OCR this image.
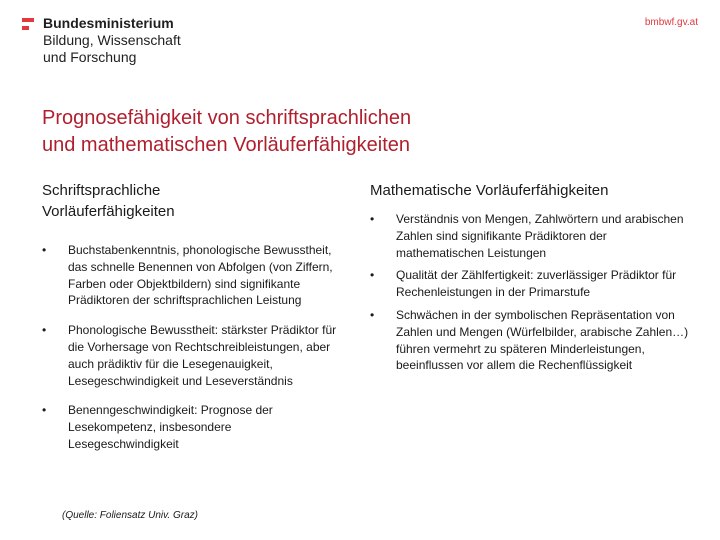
Bundesministerium
Bildung, Wissenschaft
und Forschung
bmbwf.gv.at
Prognosefähigkeit von schriftsprachlichen
und mathematischen Vorläuferfähigkeiten
Schriftsprachliche
Vorläuferfähigkeiten
• Buchstabenkenntnis, phonologische Bewusstheit, das schnelle Benennen von Abfolgen (von Ziffern, Farben oder Objektbildern) sind signifikante Prädiktoren der schriftsprachlichen Leistung
• Phonologische Bewusstheit: stärkster Prädiktor für die Vorhersage von Rechtschreibleistungen, aber auch prädiktiv für die Lesegenauigkeit, Lesegeschwindigkeit und Leseverständnis
• Benenngeschwindigkeit: Prognose der Lesekompetenz, insbesondere Lesegeschwindigkeit
Mathematische Vorläuferfähigkeiten
• Verständnis von Mengen, Zahlwörtern und arabischen Zahlen sind signifikante Prädiktoren der mathematischen Leistungen
• Qualität der Zählfertigkeit: zuverlässiger Prädiktor für Rechenleistungen in der Primarstufe
• Schwächen in der symbolischen Repräsentation von Zahlen und Mengen (Würfelbilder, arabische Zahlen…) führen vermehrt zu späteren Minderleistungen, beeinflussen vor allem die Rechenflüssigkeit
(Quelle: Foliensatz Univ. Graz)
